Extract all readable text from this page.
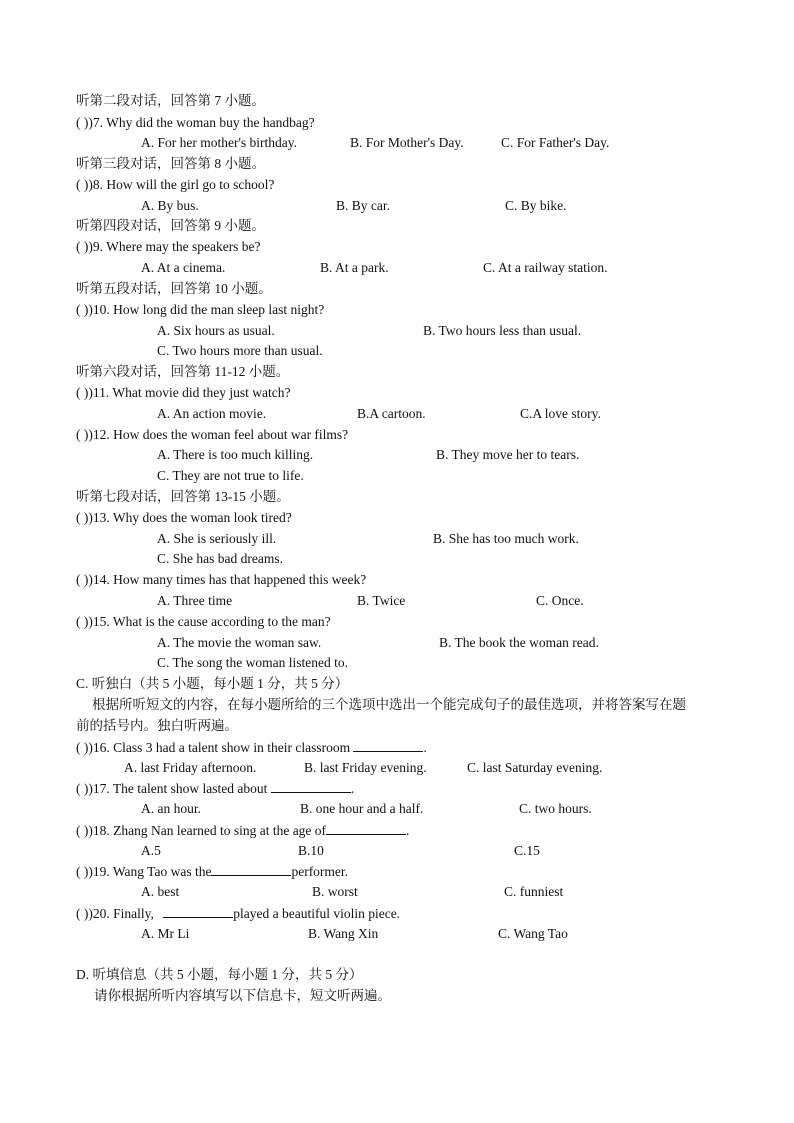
听第二段对话，回答第 7 小题。
( ))7. Why did the woman buy the handbag?
A. For her mother's birthday.	B. For Mother's Day.	C. For Father's Day.
听第三段对话，回答第 8 小题。
( ))8. How will the girl go to school?
A. By bus.	B. By car.	C. By bike.
听第四段对话，回答第 9 小题。
( ))9. Where may the speakers be?
A. At a cinema.	B. At a park.	C. At a railway station.
听第五段对话，回答第 10 小题。
( ))10. How long did the man sleep last night?
A. Six hours as usual.	B. Two hours less than usual.
C. Two hours more than usual.
听第六段对话，回答第 11-12 小题。
( ))11. What movie did they just watch?
A. An action movie.	B.A cartoon.	C.A love story.
( ))12. How does the woman feel about war films?
A. There is too much killing.	B. They move her to tears.
C. They are not true to life.
听第七段对话，回答第 13-15 小题。
( ))13. Why does the woman look tired?
A. She is seriously ill.	B. She has too much work.
C. She has bad dreams.
( ))14. How many times has that happened this week?
A. Three time	B. Twice	C. Once.
( ))15. What is the cause according to the man?
A. The movie the woman saw.	B. The book the woman read.
C. The song the woman listened to.
C. 听独白（共 5 小题，每小题 1 分，共 5 分）
根据所听短文的内容，在每小题所给的三个选项中选出一个能完成句子的最佳选项，并将答案写在题
前的括号内。独白听两遍。
( ))16. Class 3 had a talent show in their classroom	.
A. last Friday afternoon.	B. last Friday evening.	C. last Saturday evening.
( ))17. The talent show lasted about	.
A. an hour.	B. one hour and a half.	C. two hours.
( ))18. Zhang Nan learned to sing at the age of	.
A.5	B.10	C.15
( ))19. Wang Tao was the	performer.
A. best	B. worst	C. funniest
( ))20. Finally,	played a beautiful violin piece.
A. Mr Li	B. Wang Xin	C. Wang Tao
D. 听填信息（共 5 小题，每小题 1 分，共 5 分）
请你根据所听内容填写以下信息卡，短文听两遍。
